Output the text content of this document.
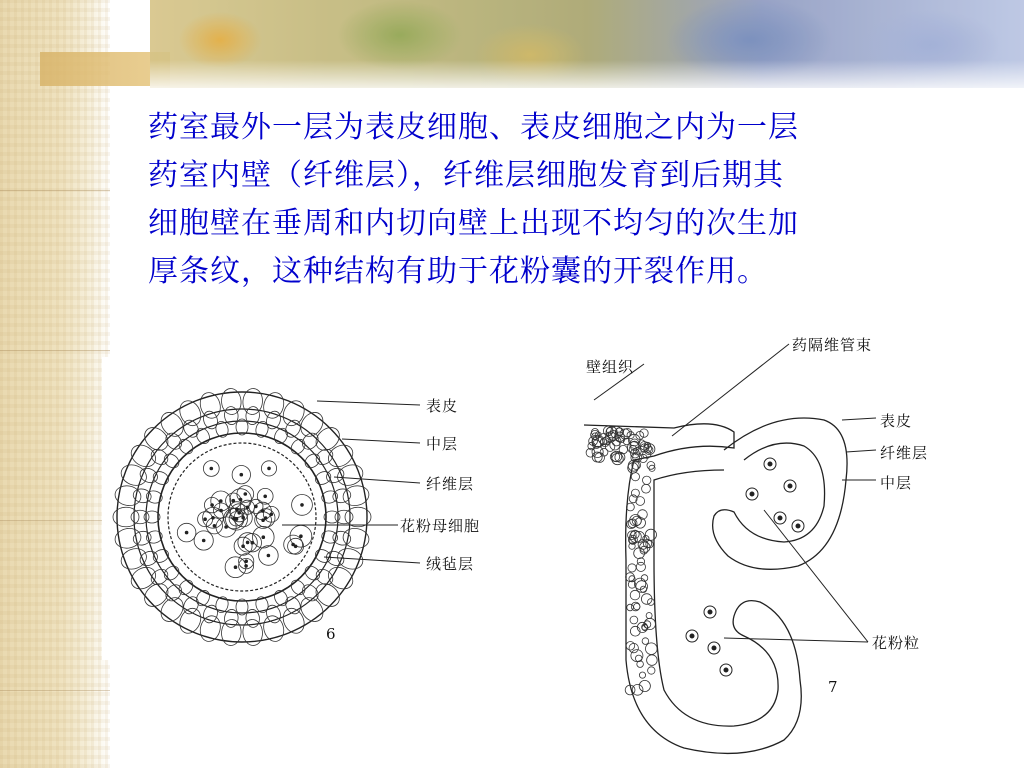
药室最外一层为表皮细胞、表皮细胞之内为一层

药室内壁（纤维层），纤维层细胞发育到后期其

细胞壁在垂周和内切向壁上出现不均匀的次生加

厚条纹，这种结构有助于花粉囊的开裂作用。

表皮
中层
纤维层
花粉母细胞
绒毡层
6
壁组织
药隔维管束
表皮
纤维层
中层
花粉粒
7
